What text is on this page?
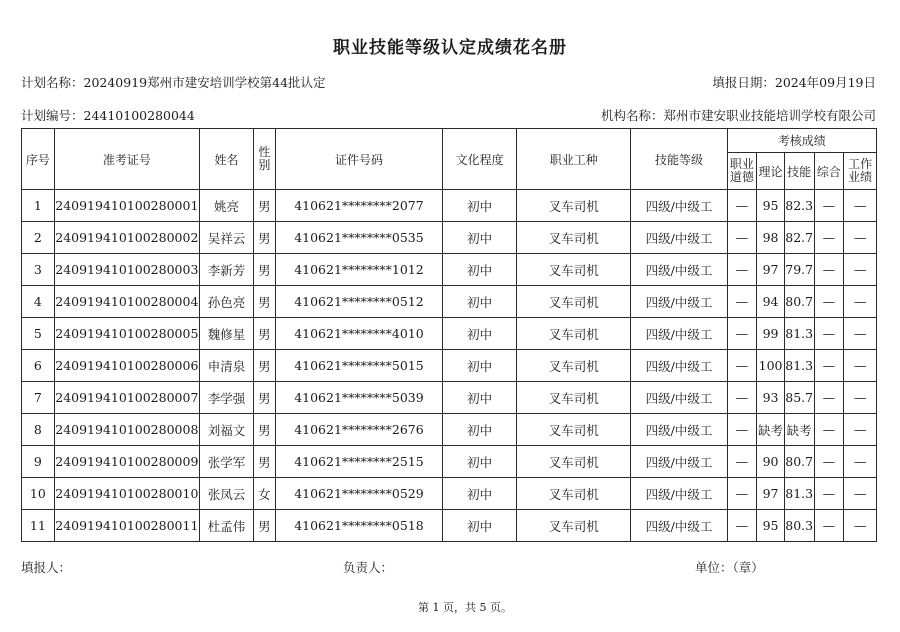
职业技能等级认定成绩花名册
计划名称：20240919郑州市建安培训学校第44批认定	填报日期：2024年09月19日
计划编号：24410100280044	机构名称：郑州市建安职业技能培训学校有限公司
序号	准考证号	姓名	性别	证件号码	文化程度	职业工种	技能等级	考核成绩				
								职业道德	理论	技能	综合	工作业绩
1	240919410100280001	姚亮	男	410621********2077	初中	叉车司机	四级/中级工	—	95	82.3	—	—
2	240919410100280002	吴祥云	男	410621********0535	初中	叉车司机	四级/中级工	—	98	82.7	—	—
3	240919410100280003	李新芳	男	410621********1012	初中	叉车司机	四级/中级工	—	97	79.7	—	—
4	240919410100280004	孙色亮	男	410621********0512	初中	叉车司机	四级/中级工	—	94	80.7	—	—
5	240919410100280005	魏修星	男	410621********4010	初中	叉车司机	四级/中级工	—	99	81.3	—	—
6	240919410100280006	申清泉	男	410621********5015	初中	叉车司机	四级/中级工	—	100	81.3	—	—
7	240919410100280007	李学强	男	410621********5039	初中	叉车司机	四级/中级工	—	93	85.7	—	—
8	240919410100280008	刘福文	男	410621********2676	初中	叉车司机	四级/中级工	—	缺考	缺考	—	—
9	240919410100280009	张学军	男	410621********2515	初中	叉车司机	四级/中级工	—	90	80.7	—	—
10	240919410100280010	张凤云	女	410621********0529	初中	叉车司机	四级/中级工	—	97	81.3	—	—
11	240919410100280011	杜孟伟	男	410621********0518	初中	叉车司机	四级/中级工	—	95	80.3	—	—
填报人：	负责人：	单位：（章）
第 1 页，共 5 页。
